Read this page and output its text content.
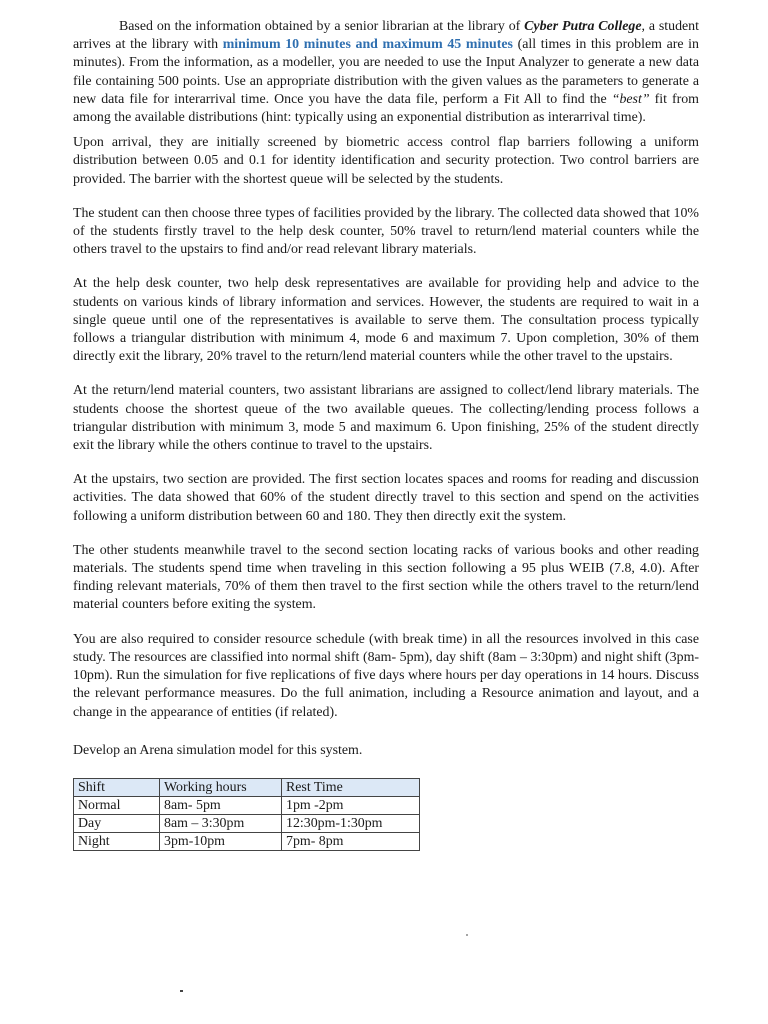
Based on the information obtained by a senior librarian at the library of Cyber Putra College, a student arrives at the library with minimum 10 minutes and maximum 45 minutes (all times in this problem are in minutes). From the information, as a modeller, you are needed to use the Input Analyzer to generate a new data file containing 500 points. Use an appropriate distribution with the given values as the parameters to generate a new data file for interarrival time. Once you have the data file, perform a Fit All to find the “best” fit from among the available distributions (hint: typically using an exponential distribution as interarrival time).

Upon arrival, they are initially screened by biometric access control flap barriers following a uniform distribution between 0.05 and 0.1 for identity identification and security protection. Two control barriers are provided. The barrier with the shortest queue will be selected by the students.

The student can then choose three types of facilities provided by the library. The collected data showed that 10% of the students firstly travel to the help desk counter, 50% travel to return/lend material counters while the others travel to the upstairs to find and/or read relevant library materials.

At the help desk counter, two help desk representatives are available for providing help and advice to the students on various kinds of library information and services. However, the students are required to wait in a single queue until one of the representatives is available to serve them. The consultation process typically follows a triangular distribution with minimum 4, mode 6 and maximum 7. Upon completion, 30% of them directly exit the library, 20% travel to the return/lend material counters while the other travel to the upstairs.

At the return/lend material counters, two assistant librarians are assigned to collect/lend library materials. The students choose the shortest queue of the two available queues. The collecting/lending process follows a triangular distribution with minimum 3, mode 5 and maximum 6. Upon finishing, 25% of the student directly exit the library while the others continue to travel to the upstairs.

At the upstairs, two section are provided. The first section locates spaces and rooms for reading and discussion activities. The data showed that 60% of the student directly travel to this section and spend on the activities following a uniform distribution between 60 and 180. They then directly exit the system.

The other students meanwhile travel to the second section locating racks of various books and other reading materials. The students spend time when traveling in this section following a 95 plus WEIB (7.8, 4.0). After finding relevant materials, 70% of them then travel to the first section while the others travel to the return/lend material counters before exiting the system.

You are also required to consider resource schedule (with break time) in all the resources involved in this case study. The resources are classified into normal shift (8am- 5pm), day shift (8am – 3:30pm) and night shift (3pm-10pm). Run the simulation for five replications of five days where hours per day operations in 14 hours. Discuss the relevant performance measures. Do the full animation, including a Resource animation and layout, and a change in the appearance of entities (if related).

Develop an Arena simulation model for this system.

Shift	Working hours	Rest Time
Normal	8am- 5pm	1pm -2pm
Day	8am – 3:30pm	12:30pm-1:30pm
Night	3pm-10pm	7pm- 8pm
